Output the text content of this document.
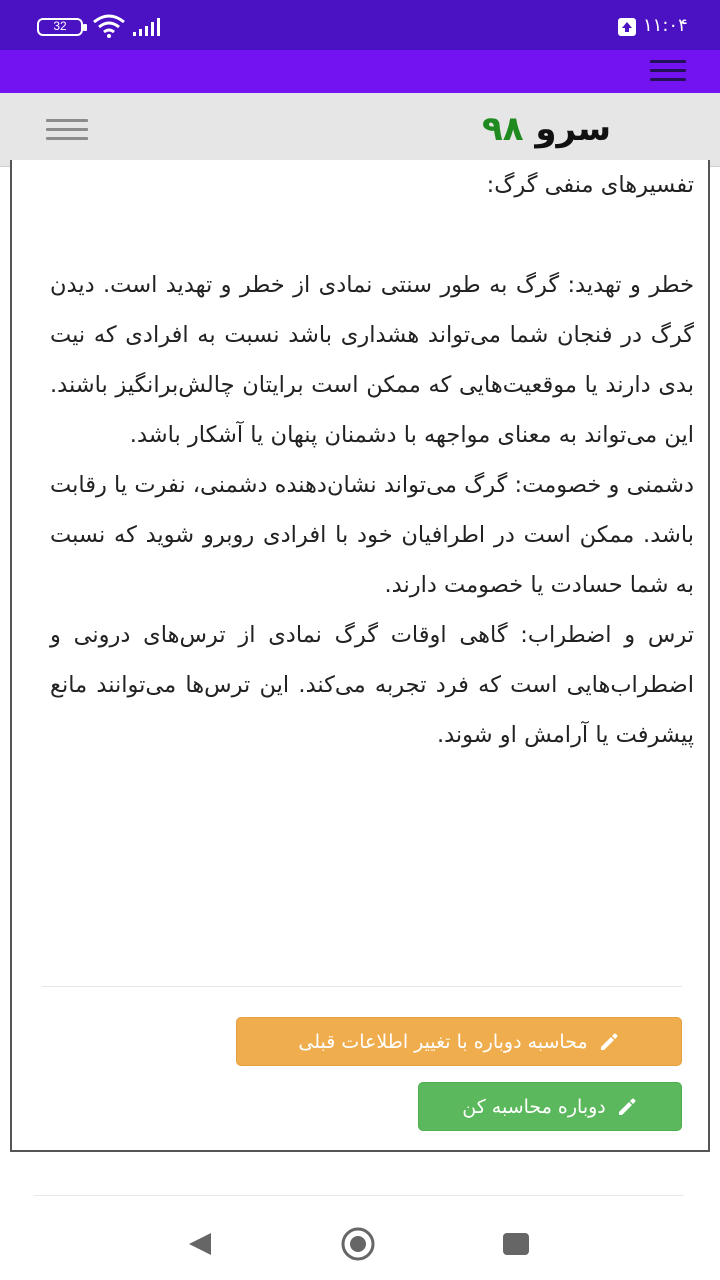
32	۱۱:۰۴
سرو ۹۸

تفسیرهای منفی گرگ:

خطر و تهدید: گرگ به طور سنتی نمادی از خطر و تهدید است. دیدن گرگ در فنجان شما می‌تواند هشداری باشد نسبت به افرادی که نیت بدی دارند یا موقعیت‌هایی که ممکن است برایتان چالش‌برانگیز باشند. این می‌تواند به معنای مواجهه با دشمنان پنهان یا آشکار باشد.

دشمنی و خصومت: گرگ می‌تواند نشان‌دهنده دشمنی، نفرت یا رقابت باشد. ممکن است در اطرافیان خود با افرادی روبرو شوید که نسبت به شما حسادت یا خصومت دارند.

ترس و اضطراب: گاهی اوقات گرگ نمادی از ترس‌های درونی و اضطراب‌هایی است که فرد تجربه می‌کند. این ترس‌ها می‌توانند مانع پیشرفت یا آرامش او شوند.

محاسبه دوباره با تغییر اطلاعات قبلی
دوباره محاسبه کن
